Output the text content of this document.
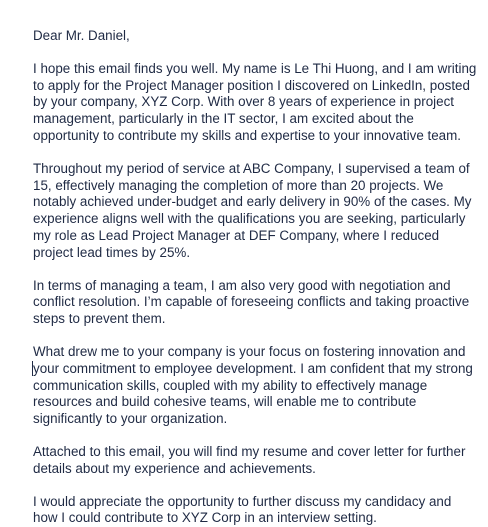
Dear Mr. Daniel,

I hope this email finds you well. My name is Le Thi Huong, and I am writing to apply for the Project Manager position I discovered on LinkedIn, posted by your company, XYZ Corp. With over 8 years of experience in project management, particularly in the IT sector, I am excited about the opportunity to contribute my skills and expertise to your innovative team.

Throughout my period of service at ABC Company, I supervised a team of 15, effectively managing the completion of more than 20 projects. We notably achieved under-budget and early delivery in 90% of the cases. My experience aligns well with the qualifications you are seeking, particularly my role as Lead Project Manager at DEF Company, where I reduced project lead times by 25%.

In terms of managing a team, I am also very good with negotiation and conflict resolution. I’m capable of foreseeing conflicts and taking proactive steps to prevent them.

What drew me to your company is your focus on fostering innovation and your commitment to employee development. I am confident that my strong communication skills, coupled with my ability to effectively manage resources and build cohesive teams, will enable me to contribute significantly to your organization.

Attached to this email, you will find my resume and cover letter for further details about my experience and achievements.

I would appreciate the opportunity to further discuss my candidacy and how I could contribute to XYZ Corp in an interview setting.
